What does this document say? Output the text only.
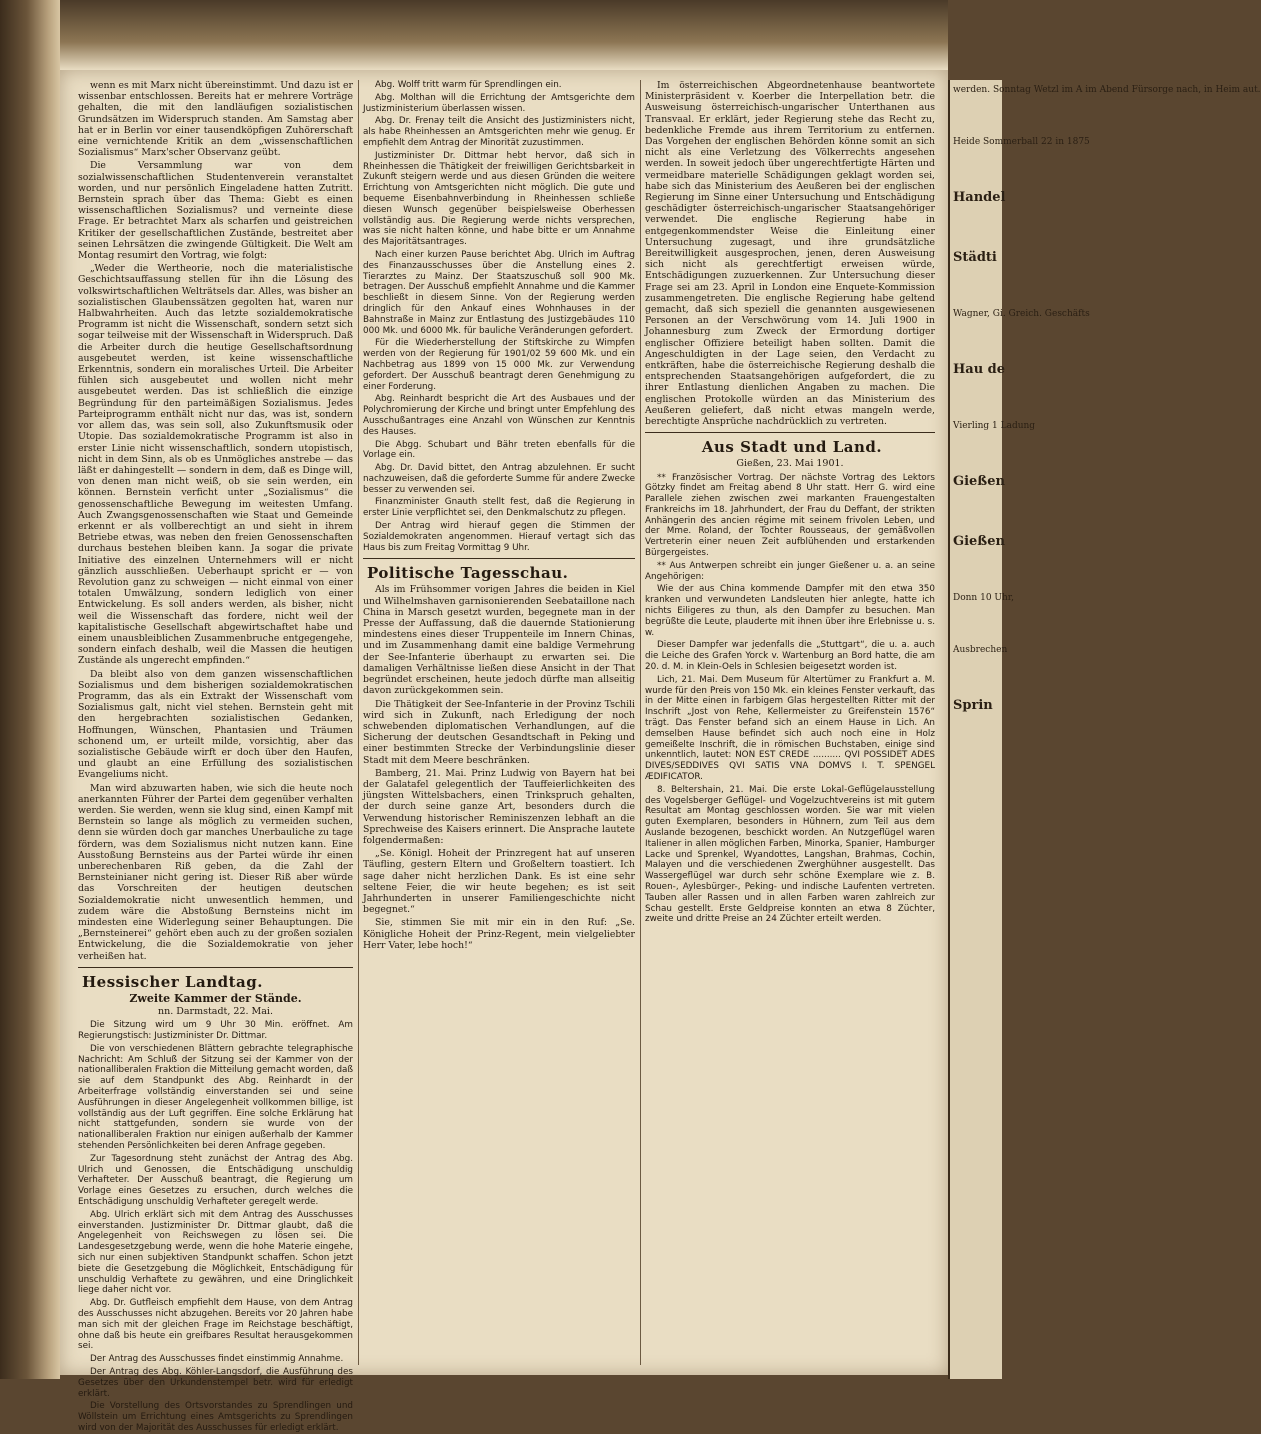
wenn es mit Marx nicht übereinstimmt. Und dazu ist er wissenbar entschlossen. Bereits hat er mehrere Vorträge gehalten, die mit den landläufigen sozialistischen Grundsätzen im Widerspruch standen. Am Samstag aber hat er in Berlin vor einer tausendköpfigen Zuhörerschaft eine vernichtende Kritik an dem „wissenschaftlichen Sozialismus“ Marx'scher Observanz geübt.

Die Versammlung war von dem sozialwissenschaftlichen Studentenverein veranstaltet worden, und nur persönlich Eingeladene hatten Zutritt. Bernstein sprach über das Thema: Giebt es einen wissenschaftlichen Sozialismus? und verneinte diese Frage. Er betrachtet Marx als scharfen und geistreichen Kritiker der gesellschaftlichen Zustände, bestreitet aber seinen Lehrsätzen die zwingende Gültigkeit. Die Welt am Montag resumirt den Vortrag, wie folgt:

„Weder die Wertheorie, noch die materialistische Geschichtsauffassung stellen für ihn die Lösung des volkswirtschaftlichen Welträtsels dar. Alles, was bisher an sozialistischen Glaubenssätzen gegolten hat, waren nur Halbwahrheiten. Auch das letzte sozialdemokratische Programm ist nicht die Wissenschaft, sondern setzt sich sogar teilweise mit der Wissenschaft in Widerspruch. Daß die Arbeiter durch die heutige Gesellschaftsordnung ausgebeutet werden, ist keine wissenschaftliche Erkenntnis, sondern ein moralisches Urteil. Die Arbeiter fühlen sich ausgebeutet und wollen nicht mehr ausgebeutet werden. Das ist schließlich die einzige Begründung für den parteimäßigen Sozialismus. Jedes Parteiprogramm enthält nicht nur das, was ist, sondern vor allem das, was sein soll, also Zukunftsmusik oder Utopie. Das sozialdemokratische Programm ist also in erster Linie nicht wissenschaftlich, sondern utopistisch, nicht in dem Sinn, als ob es Unmögliches anstrebe — das läßt er dahingestellt — sondern in dem, daß es Dinge will, von denen man nicht weiß, ob sie sein werden, ein können. Bernstein verficht unter „Sozialismus“ die genossenschaftliche Bewegung im weitesten Umfang. Auch Zwangsgenossenschaften wie Staat und Gemeinde erkennt er als vollberechtigt an und sieht in ihrem Betriebe etwas, was neben den freien Genossenschaften durchaus bestehen bleiben kann. Ja sogar die private Initiative des einzelnen Unternehmers will er nicht gänzlich ausschließen. Ueberhaupt spricht er — von Revolution ganz zu schweigen — nicht einmal von einer totalen Umwälzung, sondern lediglich von einer Entwickelung. Es soll anders werden, als bisher, nicht weil die Wissenschaft das fordere, nicht weil der kapitalistische Gesellschaft abgewirtschaftet habe und einem unausbleiblichen Zusammenbruche entgegengehe, sondern einfach deshalb, weil die Massen die heutigen Zustände als ungerecht empfinden.“

Da bleibt also von dem ganzen wissenschaftlichen Sozialismus und dem bisherigen sozialdemokratischen Programm, das als ein Extrakt der Wissenschaft vom Sozialismus galt, nicht viel stehen. Bernstein geht mit den hergebrachten sozialistischen Gedanken, Hoffnungen, Wünschen, Phantasien und Träumen schonend um, er urteilt milde, vorsichtig, aber das sozialistische Gebäude wirft er doch über den Haufen, und glaubt an eine Erfüllung des sozialistischen Evangeliums nicht.

Man wird abzuwarten haben, wie sich die heute noch anerkannten Führer der Partei dem gegenüber verhalten werden. Sie werden, wenn sie klug sind, einen Kampf mit Bernstein so lange als möglich zu vermeiden suchen, denn sie würden doch gar manches Unerbauliche zu tage fördern, was dem Sozialismus nicht nutzen kann. Eine Ausstoßung Bernsteins aus der Partei würde ihr einen unberechenbaren Riß geben, da die Zahl der Bernsteinianer nicht gering ist. Dieser Riß aber würde das Vorschreiten der heutigen deutschen Sozialdemokratie nicht unwesentlich hemmen, und zudem wäre die Abstoßung Bernsteins nicht im mindesten eine Widerlegung seiner Behauptungen. Die „Bernsteinerei“ gehört eben auch zu der großen sozialen Entwickelung, die die Sozialdemokratie von jeher verheißen hat.

Hessischer Landtag.
Zweite Kammer der Stände.
nn. Darmstadt, 22. Mai.

Die Sitzung wird um 9 Uhr 30 Min. eröffnet. Am Regierungstisch: Justizminister Dr. Dittmar.

Die von verschiedenen Blättern gebrachte telegraphische Nachricht: Am Schluß der Sitzung sei der Kammer von der nationalliberalen Fraktion die Mitteilung gemacht worden, daß sie auf dem Standpunkt des Abg. Reinhardt in der Arbeiterfrage vollständig einverstanden sei und seine Ausführungen in dieser Angelegenheit vollkommen billige, ist vollständig aus der Luft gegriffen. Eine solche Erklärung hat nicht stattgefunden, sondern sie wurde von der nationalliberalen Fraktion nur einigen außerhalb der Kammer stehenden Persönlichkeiten bei deren Anfrage gegeben.

Zur Tagesordnung steht zunächst der Antrag des Abg. Ulrich und Genossen, die Entschädigung unschuldig Verhafteter. Der Ausschuß beantragt, die Regierung um Vorlage eines Gesetzes zu ersuchen, durch welches die Entschädigung unschuldig Verhafteter geregelt werde.

Abg. Ulrich erklärt sich mit dem Antrag des Ausschusses einverstanden. Justizminister Dr. Dittmar glaubt, daß die Angelegenheit von Reichswegen zu lösen sei. Die Landesgesetzgebung werde, wenn die hohe Materie eingehe, sich nur einen subjektiven Standpunkt schaffen. Schon jetzt biete die Gesetzgebung die Möglichkeit, Entschädigung für unschuldig Verhaftete zu gewähren, und eine Dringlichkeit liege daher nicht vor.

Abg. Dr. Gutfleisch empfiehlt dem Hause, von dem Antrag des Ausschusses nicht abzugehen. Bereits vor 20 Jahren habe man sich mit der gleichen Frage im Reichstage beschäftigt, ohne daß bis heute ein greifbares Resultat herausgekommen sei.

Der Antrag des Ausschusses findet einstimmig Annahme.

Der Antrag des Abg. Köhler-Langsdorf, die Ausführung des Gesetzes über den Urkundenstempel betr. wird für erledigt erklärt.

Die Vorstellung des Ortsvorstandes zu Sprendlingen und Wöllstein um Errichtung eines Amtsgerichts zu Sprendlingen wird von der Majorität des Ausschusses für erledigt erklärt.

Abg. Wolff tritt warm für Sprendlingen ein.

Abg. Molthan will die Errichtung der Amtsgerichte dem Justizministerium überlassen wissen.

Abg. Dr. Frenay teilt die Ansicht des Justizministers nicht, als habe Rheinhessen an Amtsgerichten mehr wie genug. Er empfiehlt dem Antrag der Minorität zuzustimmen.

Justizminister Dr. Dittmar hebt hervor, daß sich in Rheinhessen die Thätigkeit der freiwilligen Gerichtsbarkeit in Zukunft steigern werde und aus diesen Gründen die weitere Errichtung von Amtsgerichten nicht möglich. Die gute und bequeme Eisenbahnverbindung in Rheinhessen schließe diesen Wunsch gegenüber beispielsweise Oberhessen vollständig aus. Die Regierung werde nichts versprechen, was sie nicht halten könne, und habe bitte er um Annahme des Majoritätsantrages.

Nach einer kurzen Pause berichtet Abg. Ulrich im Auftrag des Finanzausschusses über die Anstellung eines 2. Tierarztes zu Mainz. Der Staatszuschuß soll 900 Mk. betragen. Der Ausschuß empfiehlt Annahme und die Kammer beschließt in diesem Sinne. Von der Regierung werden dringlich für den Ankauf eines Wohnhauses in der Bahnstraße in Mainz zur Entlastung des Justizgebäudes 110 000 Mk. und 6000 Mk. für bauliche Veränderungen gefordert.

Für die Wiederherstellung der Stiftskirche zu Wimpfen werden von der Regierung für 1901/02 59 600 Mk. und ein Nachbetrag aus 1899 von 15 000 Mk. zur Verwendung gefordert. Der Ausschuß beantragt deren Genehmigung zu einer Forderung.

Abg. Reinhardt bespricht die Art des Ausbaues und der Polychromierung der Kirche und bringt unter Empfehlung des Ausschußantrages eine Anzahl von Wünschen zur Kenntnis des Hauses.

Die Abgg. Schubart und Bähr treten ebenfalls für die Vorlage ein.

Abg. Dr. David bittet, den Antrag abzulehnen. Er sucht nachzuweisen, daß die geforderte Summe für andere Zwecke besser zu verwenden sei.

Finanzminister Gnauth stellt fest, daß die Regierung in erster Linie verpflichtet sei, den Denkmalschutz zu pflegen.

Der Antrag wird hierauf gegen die Stimmen der Sozialdemokraten angenommen. Hierauf vertagt sich das Haus bis zum Freitag Vormittag 9 Uhr.

Politische Tagesschau.

Als im Frühsommer vorigen Jahres die beiden in Kiel und Wilhelmshaven garnisonierenden Seebataillone nach China in Marsch gesetzt wurden, begegnete man in der Presse der Auffassung, daß die dauernde Stationierung mindestens eines dieser Truppenteile im Innern Chinas, und im Zusammenhang damit eine baldige Vermehrung der See-Infanterie überhaupt zu erwarten sei. Die damaligen Verhältnisse ließen diese Ansicht in der That begründet erscheinen, heute jedoch dürfte man allseitig davon zurückgekommen sein.

Die Thätigkeit der See-Infanterie in der Provinz Tschili wird sich in Zukunft, nach Erledigung der noch schwebenden diplomatischen Verhandlungen, auf die Sicherung der deutschen Gesandtschaft in Peking und einer bestimmten Strecke der Verbindungslinie dieser Stadt mit dem Meere beschränken.

Bamberg, 21. Mai. Prinz Ludwig von Bayern hat bei der Galatafel gelegentlich der Tauffeierlichkeiten des jüngsten Wittelsbachers, einen Trinkspruch gehalten, der durch seine ganze Art, besonders durch die Verwendung historischer Reminiszenzen lebhaft an die Sprechweise des Kaisers erinnert. Die Ansprache lautete folgendermaßen:

„Se. Königl. Hoheit der Prinzregent hat auf unseren Täufling, gestern Eltern und Großeltern toastiert. Ich sage daher nicht herzlichen Dank. Es ist eine sehr seltene Feier, die wir heute begehen; es ist seit Jahrhunderten in unserer Familiengeschichte nicht begegnet.“

Sie, stimmen Sie mit mir ein in den Ruf: „Se. Königliche Hoheit der Prinz-Regent, mein vielgeliebter Herr Vater, lebe hoch!“

Im österreichischen Abgeordnetenhause beantwortete Ministerpräsident v. Koerber die Interpellation betr. die Ausweisung österreichisch-ungarischer Unterthanen aus Transvaal. Er erklärt, jeder Regierung stehe das Recht zu, bedenkliche Fremde aus ihrem Territorium zu entfernen. Das Vorgehen der englischen Behörden könne somit an sich nicht als eine Verletzung des Völkerrechts angesehen werden. In soweit jedoch über ungerechtfertigte Härten und vermeidbare materielle Schädigungen geklagt worden sei, habe sich das Ministerium des Aeußeren bei der englischen Regierung im Sinne einer Untersuchung und Entschädigung geschädigter österreichisch-ungarischer Staatsangehöriger verwendet. Die englische Regierung habe in entgegenkommendster Weise die Einleitung einer Untersuchung zugesagt, und ihre grundsätzliche Bereitwilligkeit ausgesprochen, jenen, deren Ausweisung sich nicht als gerechtfertigt erweisen würde, Entschädigungen zuzuerkennen. Zur Untersuchung dieser Frage sei am 23. April in London eine Enquete-Kommission zusammengetreten. Die englische Regierung habe geltend gemacht, daß sich speziell die genannten ausgewiesenen Personen an der Verschwörung vom 14. Juli 1900 in Johannesburg zum Zweck der Ermordung dortiger englischer Offiziere beteiligt haben sollten. Damit die Angeschuldigten in der Lage seien, den Verdacht zu entkräften, habe die österreichische Regierung deshalb die entsprechenden Staatsangehörigen aufgefordert, die zu ihrer Entlastung dienlichen Angaben zu machen. Die englischen Protokolle würden an das Ministerium des Aeußeren geliefert, daß nicht etwas mangeln werde, berechtigte Ansprüche nachdrücklich zu vertreten.

Aus Stadt und Land.
Gießen, 23. Mai 1901.

** Französischer Vortrag. Der nächste Vortrag des Lektors Götzky findet am Freitag abend 8 Uhr statt. Herr G. wird eine Parallele ziehen zwischen zwei markanten Frauengestalten Frankreichs im 18. Jahrhundert, der Frau du Deffant, der strikten Anhängerin des ancien régime mit seinem frivolen Leben, und der Mme. Roland, der Tochter Rousseaus, der gemäßvollen Vertreterin einer neuen Zeit aufblühenden und erstarkenden Bürgergeistes.

** Aus Antwerpen schreibt ein junger Gießener u. a. an seine Angehörigen:

Wie der aus China kommende Dampfer mit den etwa 350 kranken und verwundeten Landsleuten hier anlegte, hatte ich nichts Eiligeres zu thun, als den Dampfer zu besuchen. Man begrüßte die Leute, plauderte mit ihnen über ihre Erlebnisse u. s. w.

Dieser Dampfer war jedenfalls die „Stuttgart“, die u. a. auch die Leiche des Grafen Yorck v. Wartenburg an Bord hatte, die am 20. d. M. in Klein-Oels in Schlesien beigesetzt worden ist.

Lich, 21. Mai. Dem Museum für Altertümer zu Frankfurt a. M. wurde für den Preis von 150 Mk. ein kleines Fenster verkauft, das in der Mitte einen in farbigem Glas hergestellten Ritter mit der Inschrift „Jost von Rehe, Kellermeister zu Greifenstein 1576“ trägt. Das Fenster befand sich an einem Hause in Lich. An demselben Hause befindet sich auch noch eine in Holz gemeißelte Inschrift, die in römischen Buchstaben, einige sind unkenntlich, lautet: NON EST CREDE .......... QVI POSSIDET ADES DIVES/SEDDIVES QVI SATIS VNA DOMVS I. T. SPENGEL ÆDIFICATOR.

8. Beltershain, 21. Mai. Die erste Lokal-Geflügelausstellung des Vogelsberger Geflügel- und Vogelzuchtvereins ist mit gutem Resultat am Montag geschlossen worden. Sie war mit vielen guten Exemplaren, besonders in Hühnern, zum Teil aus dem Auslande bezogenen, beschickt worden. An Nutzgeflügel waren Italiener in allen möglichen Farben, Minorka, Spanier, Hamburger Lacke und Sprenkel, Wyandottes, Langshan, Brahmas, Cochin, Malayen und die verschiedenen Zwerghühner ausgestellt. Das Wassergeflügel war durch sehr schöne Exemplare wie z. B. Rouen-, Aylesbürger-, Peking- und indische Laufenten vertreten. Tauben aller Rassen und in allen Farben waren zahlreich zur Schau gestellt. Erste Geldpreise konnten an etwa 8 Züchter, zweite und dritte Preise an 24 Züchter erteilt werden.

werden. Sonntag Wetzl im A im Abend Fürsorge nach, in Heim aut.
Heide Sommerball 22 in 1875
Handel
Städti
Wagner, Gi. Greich. Geschäfts
Hau de
Vierling 1 Ladung
Gießen
Gießen
Donn 10 Uhr,
Ausbrechen
Sprin
